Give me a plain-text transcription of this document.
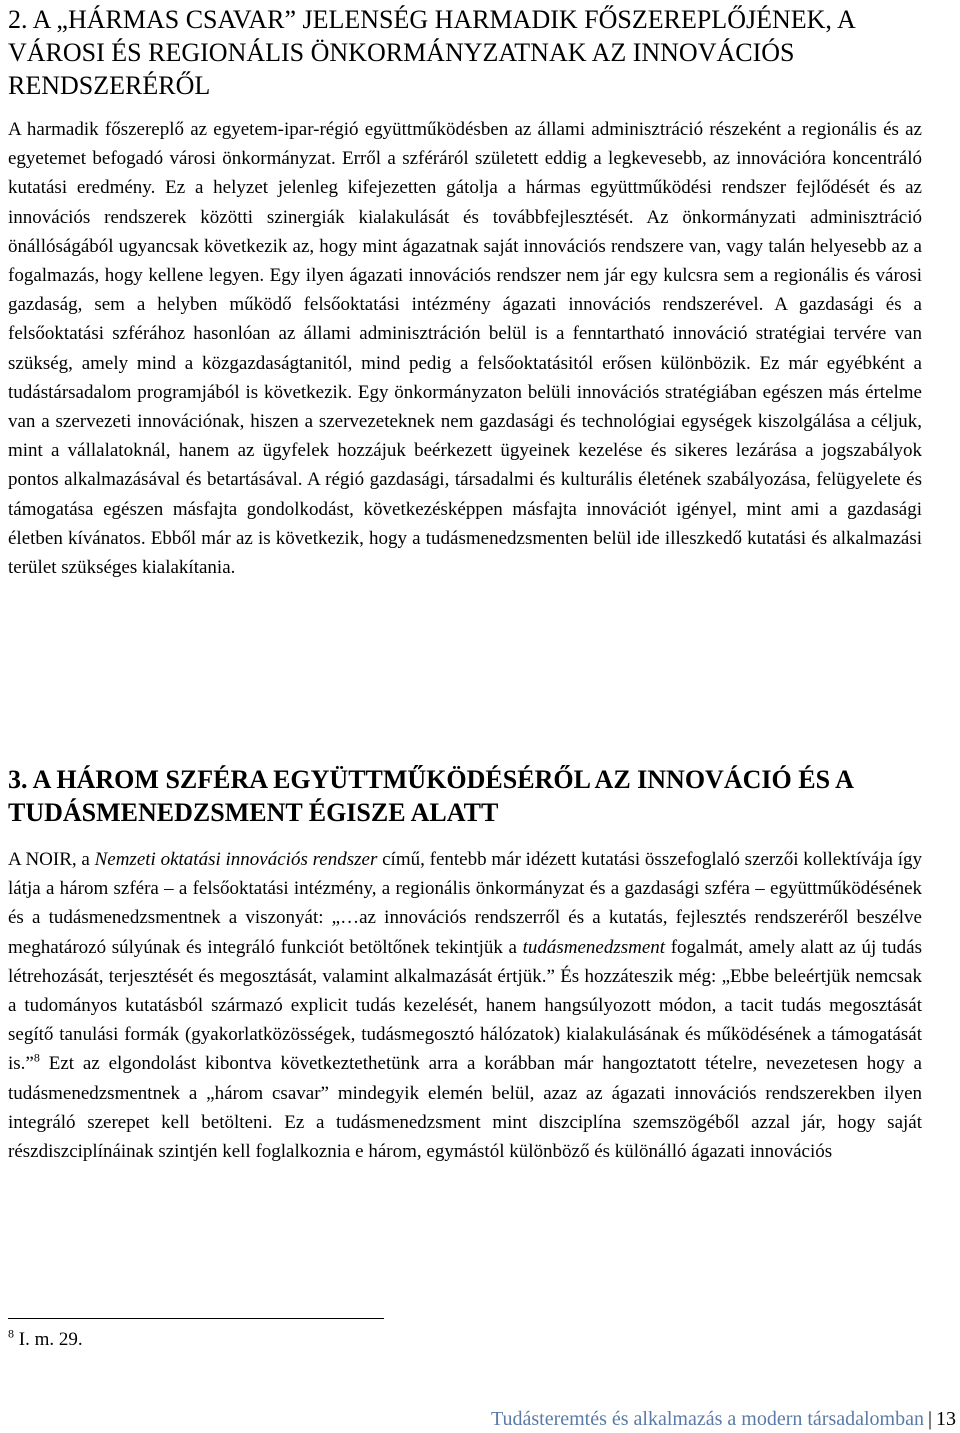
2. A „HÁRMAS CSAVAR” JELENSÉG HARMADIK FŐSZEREPLŐJÉNEK, A VÁROSI ÉS REGIONÁLIS ÖNKORMÁNYZATNAK AZ INNOVÁCIÓS RENDSZERÉRŐL

A harmadik főszereplő az egyetem-ipar-régió együttműködésben az állami adminisztráció részeként a regionális és az egyetemet befogadó városi önkormányzat. Erről a szféráról született eddig a legkevesebb, az innovációra koncentráló kutatási eredmény. Ez a helyzet jelenleg kifejezetten gátolja a hármas együttműködési rendszer fejlődését és az innovációs rendszerek közötti szinergiák kialakulását és továbbfejlesztését. Az önkormányzati adminisztráció önállóságából ugyancsak következik az, hogy mint ágazatnak saját innovációs rendszere van, vagy talán helyesebb az a fogalmazás, hogy kellene legyen. Egy ilyen ágazati innovációs rendszer nem jár egy kulcsra sem a regionális és városi gazdaság, sem a helyben működő felsőoktatási intézmény ágazati innovációs rendszerével. A gazdasági és a felsőoktatási szférához hasonlóan az állami adminisztráción belül is a fenntartható innováció stratégiai tervére van szükség, amely mind a közgazdaságtanitól, mind pedig a felsőoktatásitól erősen különbözik. Ez már egyébként a tudástársadalom programjából is következik. Egy önkormányzaton belüli innovációs stratégiában egészen más értelme van a szervezeti innovációnak, hiszen a szervezeteknek nem gazdasági és technológiai egységek kiszolgálása a céljuk, mint a vállalatoknál, hanem az ügyfelek hozzájuk beérkezett ügyeinek kezelése és sikeres lezárása a jogszabályok pontos alkalmazásával és betartásával. A régió gazdasági, társadalmi és kulturális életének szabályozása, felügyelete és támogatása egészen másfajta gondolkodást, következésképpen másfajta innovációt igényel, mint ami a gazdasági életben kívánatos. Ebből már az is következik, hogy a tudásmenedzsmenten belül ide illeszkedő kutatási és alkalmazási terület szükséges kialakítania.

3. A HÁROM SZFÉRA EGYÜTTMŰKÖDÉSÉRŐL AZ INNOVÁCIÓ ÉS A TUDÁSMENEDZSMENT ÉGISZE ALATT

A NOIR, a Nemzeti oktatási innovációs rendszer című, fentebb már idézett kutatási összefoglaló szerzői kollektívája így látja a három szféra ‒ a felsőoktatási intézmény, a regionális önkormányzat és a gazdasági szféra ‒ együttműködésének és a tudásmenedzsmentnek a viszonyát: „…az innovációs rendszerről és a kutatás, fejlesztés rendszeréről beszélve meghatározó súlyúnak és integráló funkciót betöltőnek tekintjük a tudásmenedzsment fogalmát, amely alatt az új tudás létrehozását, terjesztését és megosztását, valamint alkalmazását értjük.” És hozzáteszik még: „Ebbe beleértjük nemcsak a tudományos kutatásból származó explicit tudás kezelését, hanem hangsúlyozott módon, a tacit tudás megosztását segítő tanulási formák (gyakorlatközösségek, tudásmegosztó hálózatok) kialakulásának és működésének a támogatását is.”$^8$ Ezt az elgondolást kibontva következtethetünk arra a korábban már hangoztatott tételre, nevezetesen hogy a tudásmenedzsmentnek a „három csavar” mindegyik elemén belül, azaz az ágazati innovációs rendszerekben ilyen integráló szerepet kell betölteni. Ez a tudásmenedzsment mint diszciplína szemszögéből azzal jár, hogy saját részdiszciplínáinak szintjén kell foglalkoznia e három, egymástól különböző és különálló ágazati innovációs

$^8$ I. m. 29.
Tudásteremtés és alkalmazás a modern társadalomban | 13
